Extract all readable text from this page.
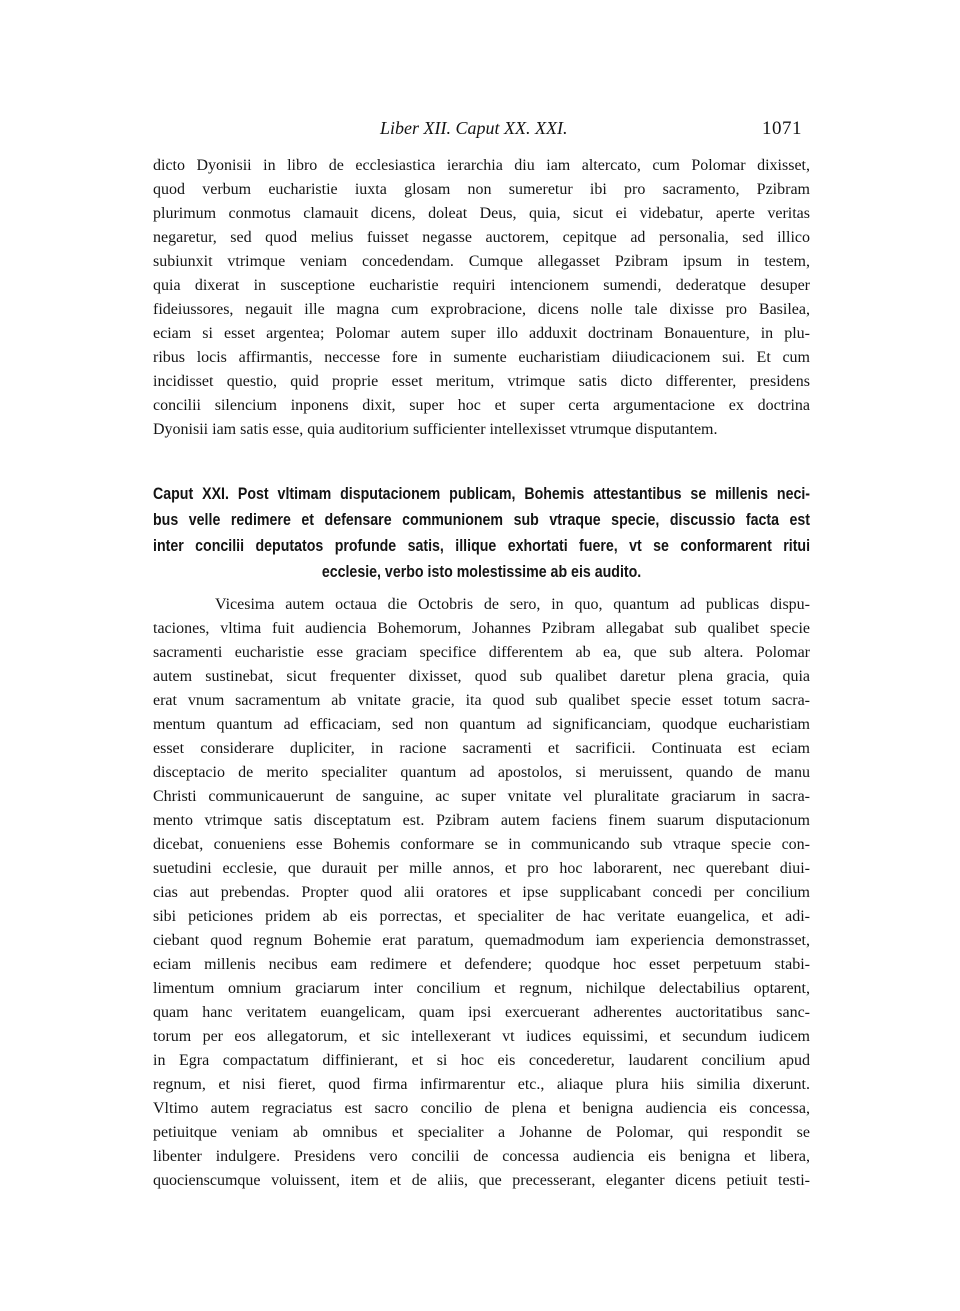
Liber XII. Caput XX. XXI.	1071
dicto Dyonisii in libro de ecclesiastica ierarchia diu iam altercato, cum Polomar dixisset,
quod verbum eucharistie iuxta glosam non sumeretur ibi pro sacramento, Pzibram
plurimum conmotus clamauit dicens, doleat Deus, quia, sicut ei videbatur, aperte veritas
negaretur, sed quod melius fuisset negasse auctorem, cepitque ad personalia, sed illico
subiunxit vtrimque veniam concedendam. Cumque allegasset Pzibram ipsum in testem,
quia dixerat in susceptione eucharistie requiri intencionem sumendi, dederatque desuper
fideiussores, negauit ille magna cum exprobracione, dicens nolle tale dixisse pro Basilea,
eciam si esset argentea; Polomar autem super illo adduxit doctrinam Bonauenture, in plu-
ribus locis affirmantis, neccesse fore in sumente eucharistiam diiudicacionem sui. Et cum
incidisset questio, quid proprie esset meritum, vtrimque satis dicto differenter, presidens
concilii silencium inponens dixit, super hoc et super certa argumentacione ex doctrina
Dyonisii iam satis esse, quia auditorium sufficienter intellexisset vtrumque disputantem.
Caput XXI. Post vltimam disputacionem publicam, Bohemis attestantibus se millenis neci-
bus velle redimere et defensare communionem sub vtraque specie, discussio facta est
inter concilii deputatos profunde satis, illique exhortati fuere, vt se conformarent ritui
ecclesie, verbo isto molestissime ab eis audito.
Vicesima autem octaua die Octobris de sero, in quo, quantum ad publicas dispu-
taciones, vltima fuit audiencia Bohemorum, Johannes Pzibram allegabat sub qualibet specie
sacramenti eucharistie esse graciam specifice differentem ab ea, que sub altera. Polomar
autem sustinebat, sicut frequenter dixisset, quod sub qualibet daretur plena gracia, quia
erat vnum sacramentum ab vnitate gracie, ita quod sub qualibet specie esset totum sacra-
mentum quantum ad efficaciam, sed non quantum ad significanciam, quodque eucharistiam
esset considerare dupliciter, in racione sacramenti et sacrificii. Continuata est eciam
disceptacio de merito specialiter quantum ad apostolos, si meruissent, quando de manu
Christi communicauerunt de sanguine, ac super vnitate vel pluralitate graciarum in sacra-
mento vtrimque satis disceptatum est. Pzibram autem faciens finem suarum disputacionum
dicebat, conueniens esse Bohemis conformare se in communicando sub vtraque specie con-
suetudini ecclesie, que durauit per mille annos, et pro hoc laborarent, nec querebant diui-
cias aut prebendas. Propter quod alii oratores et ipse supplicabant concedi per concilium
sibi peticiones pridem ab eis porrectas, et specialiter de hac veritate euangelica, et adi-
ciebant quod regnum Bohemie erat paratum, quemadmodum iam experiencia demonstrasset,
eciam millenis necibus eam redimere et defendere; quodque hoc esset perpetuum stabi-
limentum omnium graciarum inter concilium et regnum, nichilque delectabilius optarent,
quam hanc veritatem euangelicam, quam ipsi exercuerant adherentes auctoritatibus sanc-
torum per eos allegatorum, et sic intellexerant vt iudices equissimi, et secundum iudicem
in Egra compactatum diffinierant, et si hoc eis concederetur, laudarent concilium apud
regnum, et nisi fieret, quod firma infirmarentur etc., aliaque plura hiis similia dixerunt.
Vltimo autem regraciatus est sacro concilio de plena et benigna audiencia eis concessa,
petiuitque veniam ab omnibus et specialiter a Johanne de Polomar, qui respondit se
libenter indulgere. Presidens vero concilii de concessa audiencia eis benigna et libera,
quocienscumque voluissent, item et de aliis, que precesserant, eleganter dicens petiuit testi-
